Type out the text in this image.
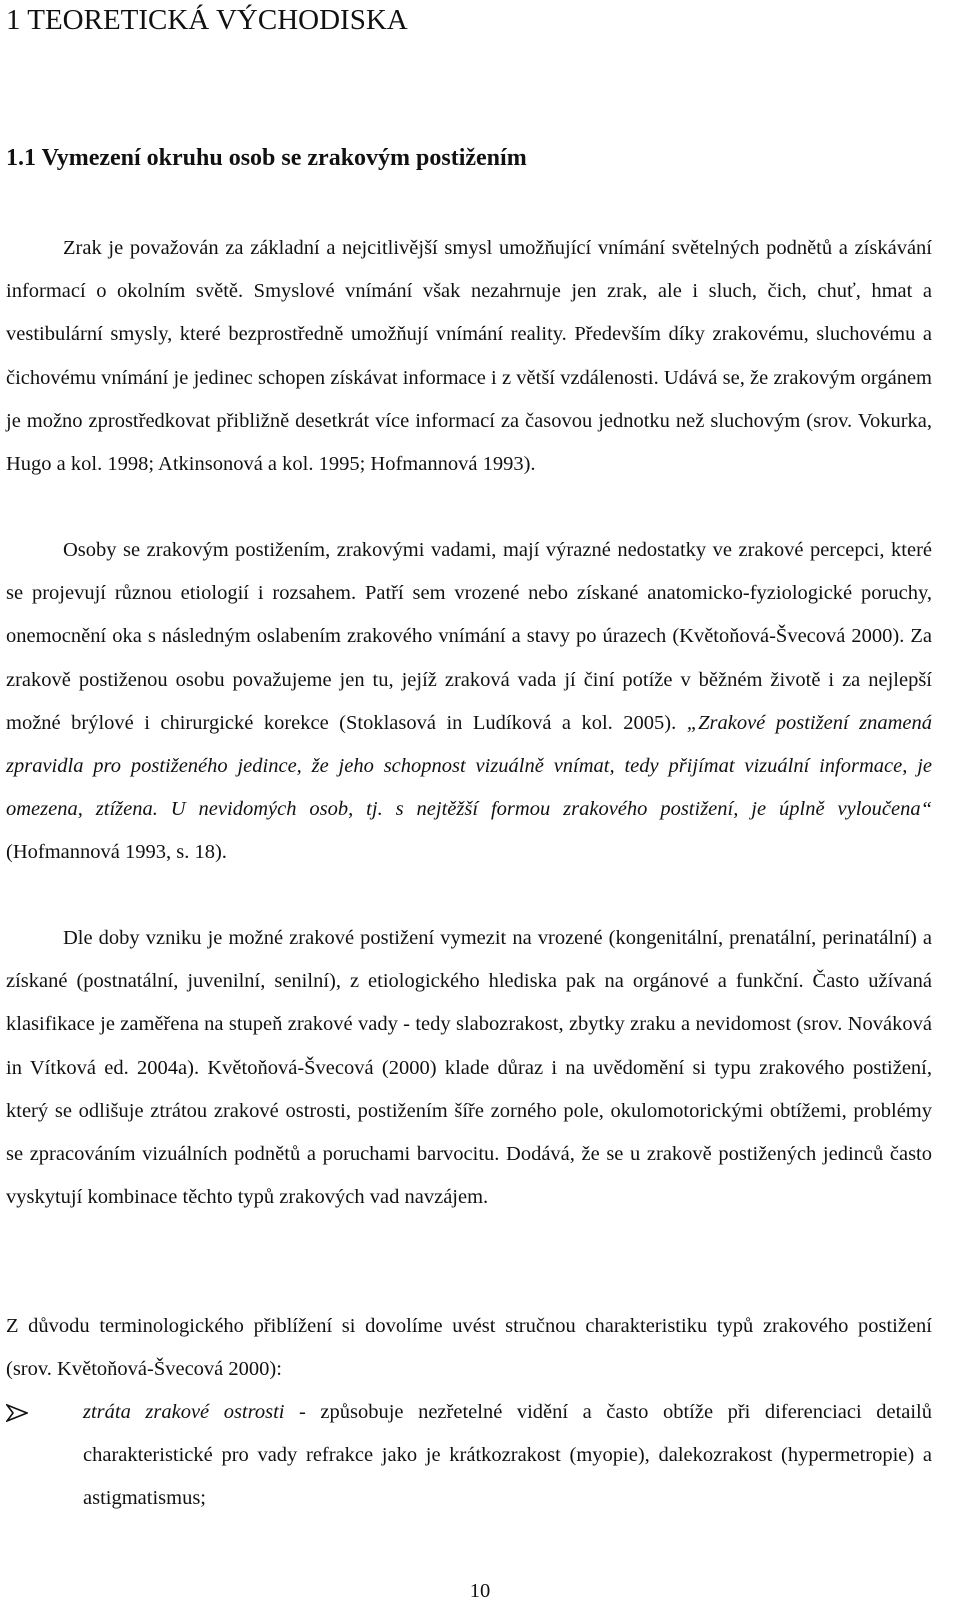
1 TEORETICKÁ VÝCHODISKA
1.1 Vymezení okruhu osob se zrakovým postižením

Zrak je považován za základní a nejcitlivější smysl umožňující vnímání světelných podnětů a získávání informací o okolním světě. Smyslové vnímání však nezahrnuje jen zrak, ale i sluch, čich, chuť, hmat a vestibulární smysly, které bezprostředně umožňují vnímání reality. Především díky zrakovému, sluchovému a čichovému vnímání je jedinec schopen získávat informace i z větší vzdálenosti. Udává se, že zrakovým orgánem je možno zprostředkovat přibližně desetkrát více informací za časovou jednotku než sluchovým (srov. Vokurka, Hugo a kol. 1998; Atkinsonová a kol. 1995; Hofmannová 1993).

Osoby se zrakovým postižením, zrakovými vadami, mají výrazné nedostatky ve zrakové percepci, které se projevují různou etiologií i rozsahem. Patří sem vrozené nebo získané anatomicko-fyziologické poruchy, onemocnění oka s následným oslabením zrakového vnímání a stavy po úrazech (Květoňová-Švecová 2000). Za zrakově postiženou osobu považujeme jen tu, jejíž zraková vada jí činí potíže v běžném životě i za nejlepší možné brýlové i chirurgické korekce (Stoklasová in Ludíková a kol. 2005). „Zrakové postižení znamená zpravidla pro postiženého jedince, že jeho schopnost vizuálně vnímat, tedy přijímat vizuální informace, je omezena, ztížena. U nevidomých osob, tj. s nejtěžší formou zrakového postižení, je úplně vyloučena“ (Hofmannová 1993, s. 18).

Dle doby vzniku je možné zrakové postižení vymezit na vrozené (kongenitální, prenatální, perinatální) a získané (postnatální, juvenilní, senilní), z etiologického hlediska pak na orgánové a funkční. Často užívaná klasifikace je zaměřena na stupeň zrakové vady - tedy slabozrakost, zbytky zraku a nevidomost (srov. Nováková in Vítková ed. 2004a). Květoňová-Švecová (2000) klade důraz i na uvědomění si typu zrakového postižení, který se odlišuje ztrátou zrakové ostrosti, postižením šíře zorného pole, okulomotorickými obtížemi, problémy se zpracováním vizuálních podnětů a poruchami barvocitu. Dodává, že se u zrakově postižených jedinců často vyskytují kombinace těchto typů zrakových vad navzájem.

Z důvodu terminologického přiblížení si dovolíme uvést stručnou charakteristiku typů zrakového postižení (srov. Květoňová-Švecová 2000):

ztráta zrakové ostrosti - způsobuje nezřetelné vidění a často obtíže při diferenciaci detailů charakteristické pro vady refrakce jako je krátkozrakost (myopie), dalekozrakost (hypermetropie) a astigmatismus;
10
